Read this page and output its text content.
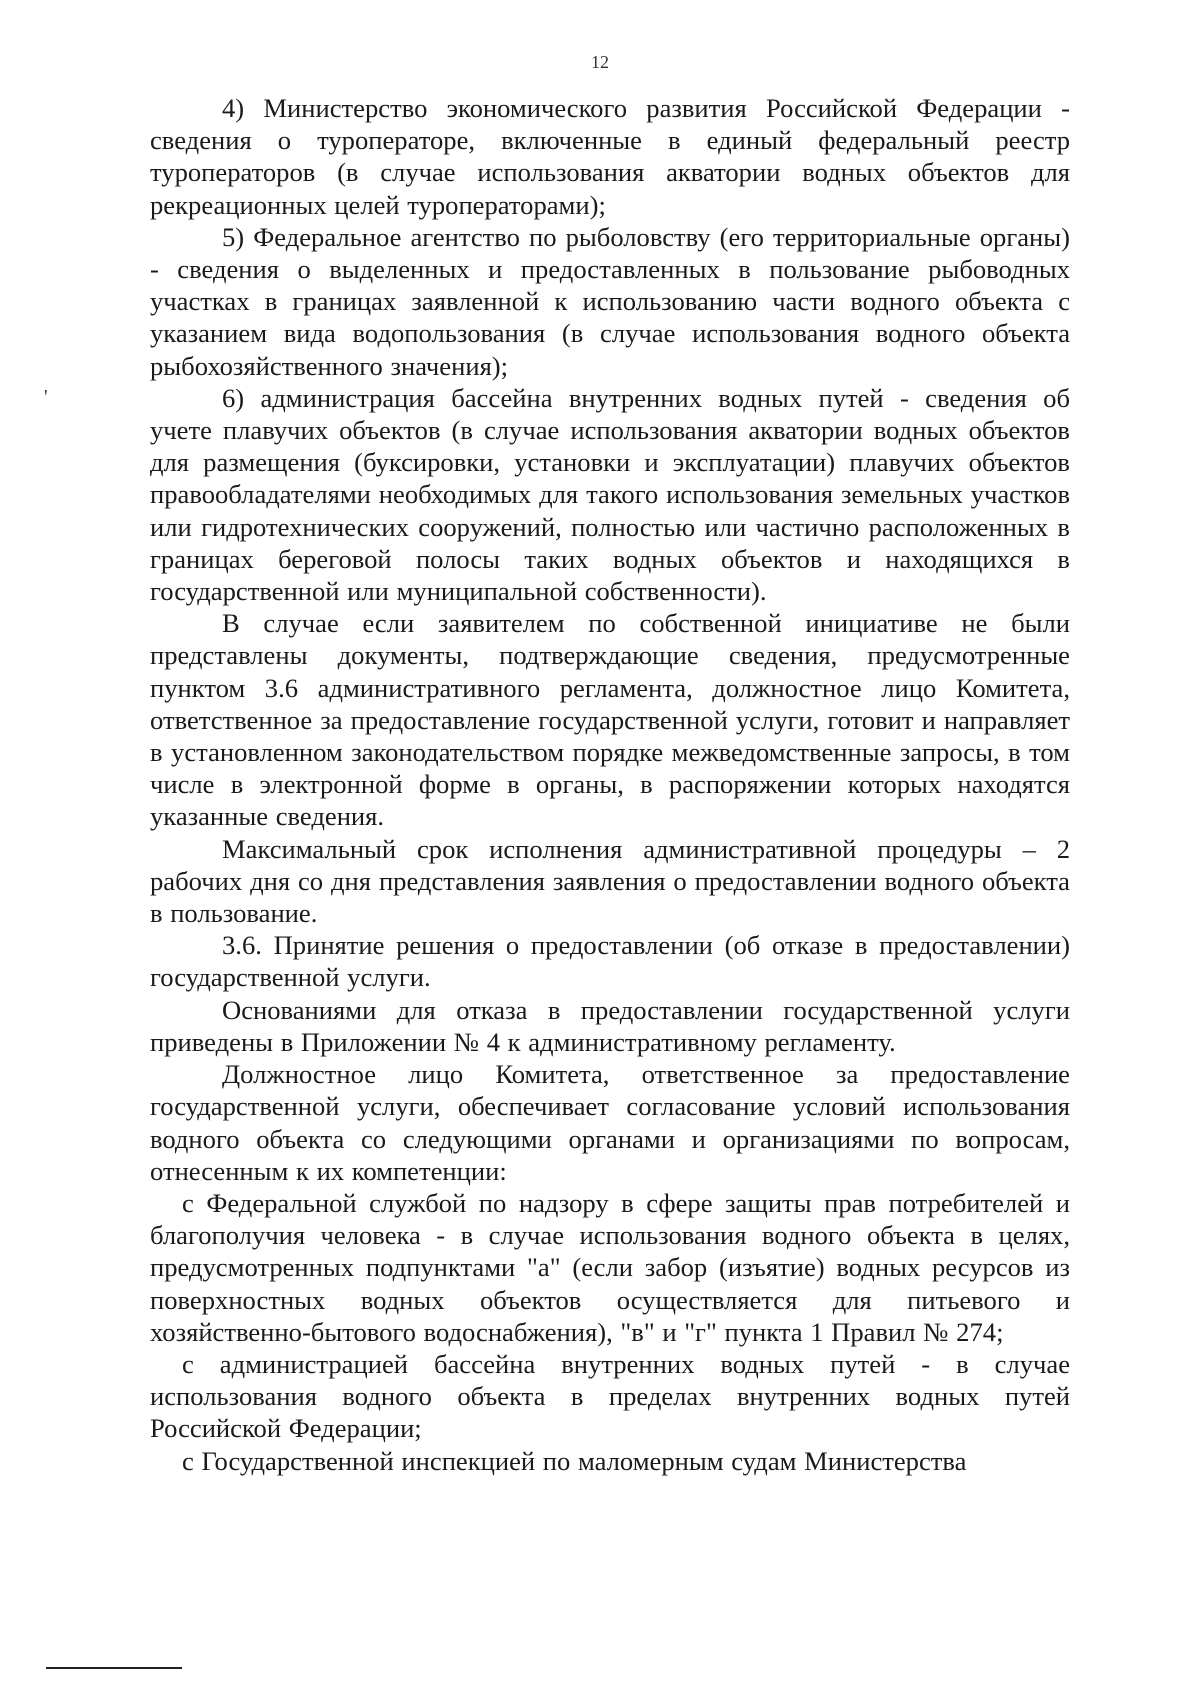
12
'

4) Министерство экономического развития Российской Федерации - сведения о туроператоре, включенные в единый федеральный реестр туроператоров (в случае использования акватории водных объектов для рекреационных целей туроператорами);

5) Федеральное агентство по рыболовству (его территориальные органы) - сведения о выделенных и предоставленных в пользование рыбоводных участках в границах заявленной к использованию части водного объекта с указанием вида водопользования (в случае использования водного объекта рыбохозяйственного значения);

6) администрация бассейна внутренних водных путей - сведения об учете плавучих объектов (в случае использования акватории водных объектов для размещения (буксировки, установки и эксплуатации) плавучих объектов правообладателями необходимых для такого использования земельных участков или гидротехнических сооружений, полностью или частично расположенных в границах береговой полосы таких водных объектов и находящихся в государственной или муниципальной собственности).

В случае если заявителем по собственной инициативе не были представлены документы, подтверждающие сведения, предусмотренные пунктом 3.6 административного регламента, должностное лицо Комитета, ответственное за предоставление государственной услуги, готовит и направляет в установленном законодательством порядке межведомственные запросы, в том числе в электронной форме в органы, в распоряжении которых находятся указанные сведения.

Максимальный срок исполнения административной процедуры – 2 рабочих дня со дня представления заявления о предоставлении водного объекта в пользование.

3.6. Принятие решения о предоставлении (об отказе в предоставлении) государственной услуги.

Основаниями для отказа в предоставлении государственной услуги приведены в Приложении № 4 к административному регламенту.

Должностное лицо Комитета, ответственное за предоставление государственной услуги, обеспечивает согласование условий использования водного объекта со следующими органами и организациями по вопросам, отнесенным к их компетенции:

с Федеральной службой по надзору в сфере защиты прав потребителей и благополучия человека - в случае использования водного объекта в целях, предусмотренных подпунктами "а" (если забор (изъятие) водных ресурсов из поверхностных водных объектов осуществляется для питьевого и хозяйственно-бытового водоснабжения), "в" и "г" пункта 1 Правил № 274;

с администрацией бассейна внутренних водных путей - в случае использования водного объекта в пределах внутренних водных путей Российской Федерации;

с Государственной инспекцией по маломерным судам Министерства
